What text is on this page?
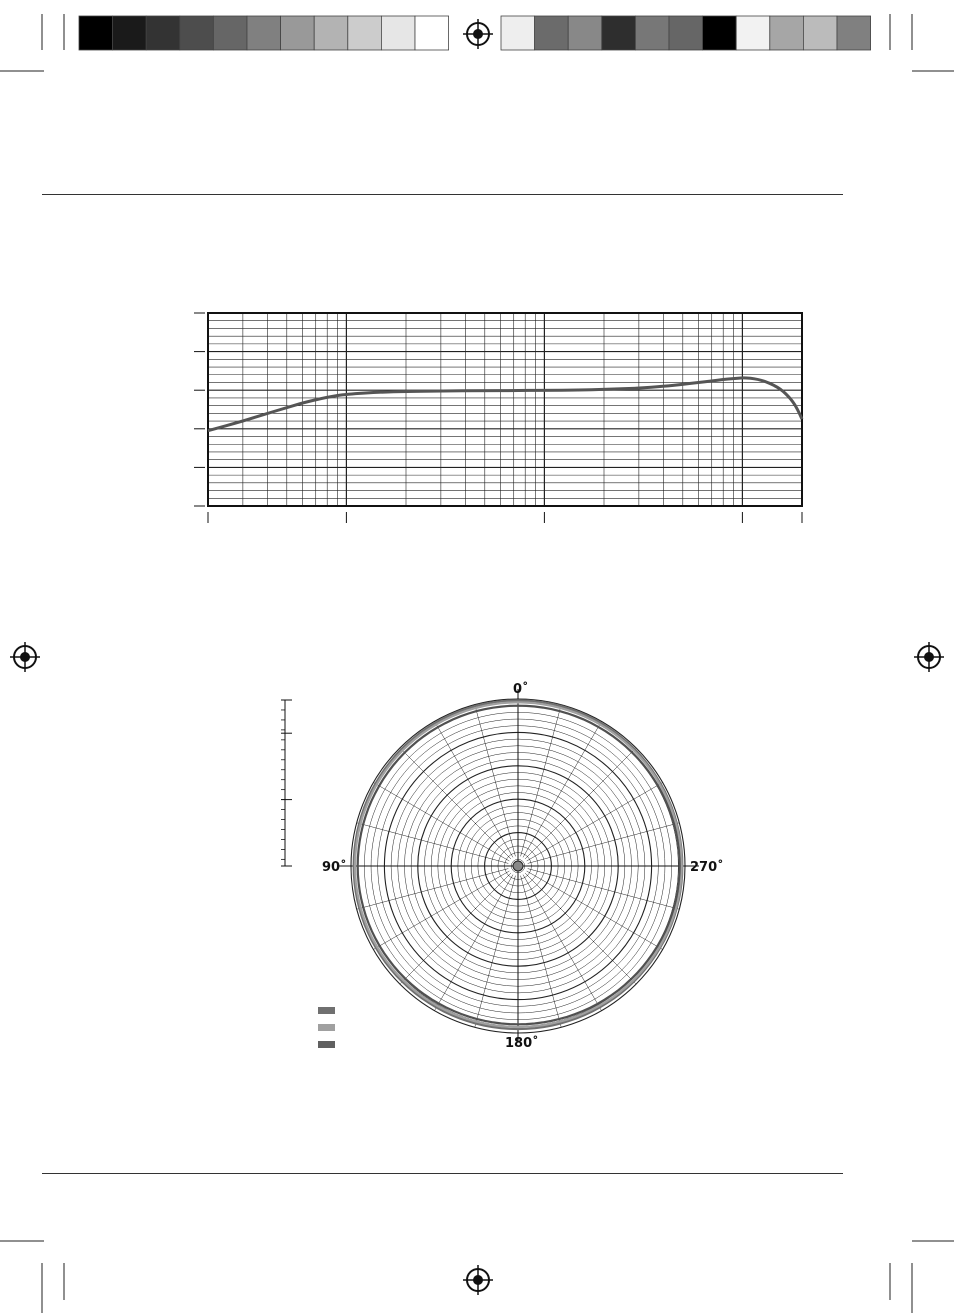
0˚
90˚
180˚
270˚
